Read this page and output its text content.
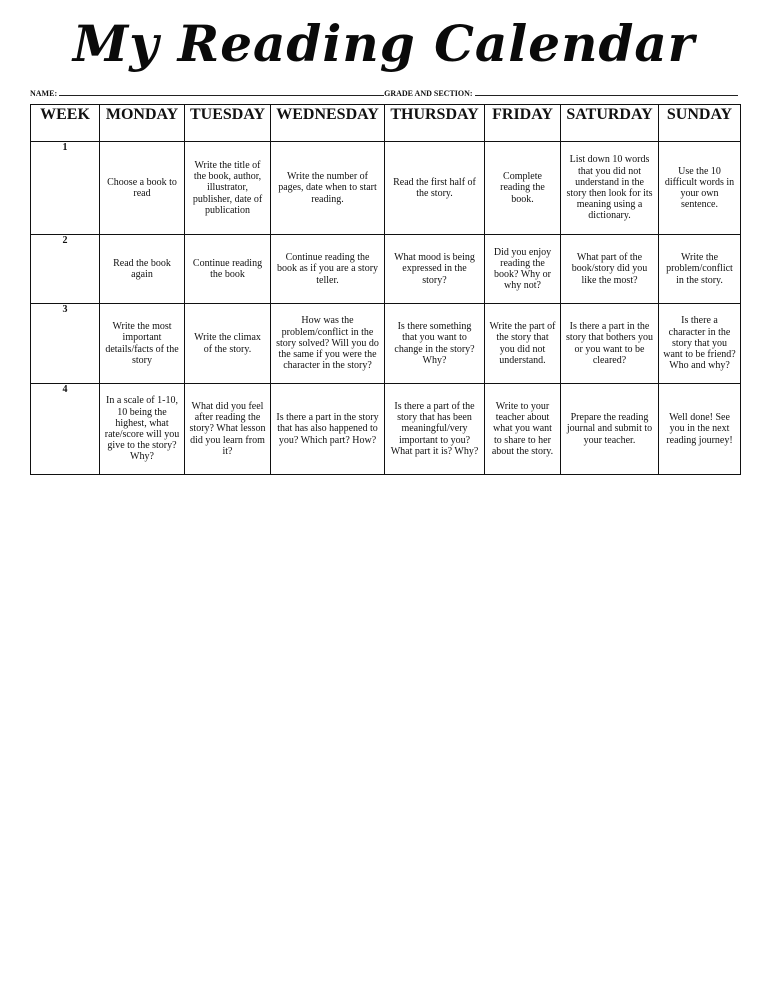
My Reading Calendar
NAME:	GRADE AND SECTION:
WEEK	MONDAY	TUESDAY	WEDNESDAY	THURSDAY	FRIDAY	SATURDAY	SUNDAY
1	Choose a book to read	Write the title of the book, author, illustrator, publisher, date of publication	Write the number of pages, date when to start reading.	Read the first half of the story.	Complete reading the book.	List down 10 words that you did not understand in the story then look for its meaning using a dictionary.	Use the 10 difficult words in your own sentence.
2	Read the book again	Continue reading the book	Continue reading the book as if you are a story teller.	What mood is being expressed in the story?	Did you enjoy reading the book? Why or why not?	What part of the book/story did you like the most?	Write the problem/conflict in the story.
3	Write the most important details/facts of the story	Write the climax of the story.	How was the problem/conflict in the story solved? Will you do the same if you were the character in the story?	Is there something that you want to change in the story? Why?	Write the part of the story that you did not understand.	Is there a part in the story that bothers you or you want to be cleared?	Is there a character in the story that you want to be friend? Who and why?
4	In a scale of 1-10, 10 being the highest, what rate/score will you give to the story? Why?	What did you feel after reading the story? What lesson did you learn from it?	Is there a part in the story that has also happened to you? Which part? How?	Is there a part of the story that has been meaningful/very important to you? What part it is? Why?	Write to your teacher about what you want to share to her about the story.	Prepare the reading journal and submit to your teacher.	Well done! See you in the next reading journey!
